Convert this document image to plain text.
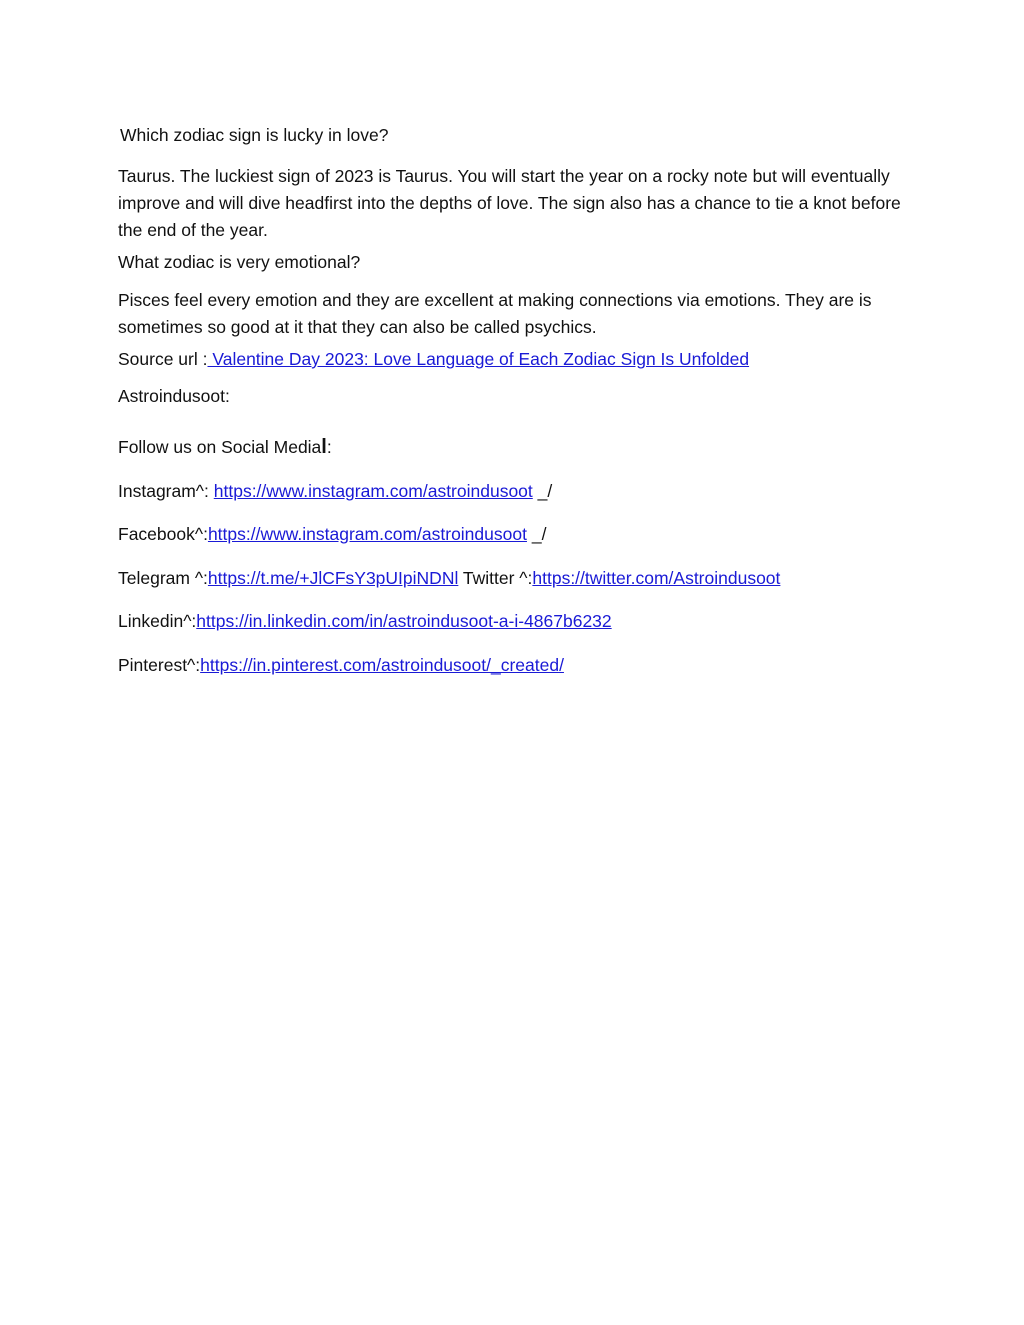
Which zodiac sign is lucky in love?
Taurus. The luckiest sign of 2023 is Taurus. You will start the year on a rocky note but will eventually improve and will dive headfirst into the depths of love. The sign also has a chance to tie a knot before the end of the year.
What zodiac is very emotional?
Pisces feel every emotion and they are excellent at making connections via emotions. They are is sometimes so good at it that they can also be called psychics.
Source url : Valentine Day 2023: Love Language of Each Zodiac Sign Is Unfolded
Astroindusoot:
Follow us on Social Medial:
Instagram^: https://www.instagram.com/astroindusoot _/
Facebook^:https://www.instagram.com/astroindusoot _/
Telegram ^:https://t.me/+JlCFsY3pUIpiNDNl Twitter ^:https://twitter.com/Astroindusoot
Linkedin^:https://in.linkedin.com/in/astroindusoot-a-i-4867b6232
Pinterest^:https://in.pinterest.com/astroindusoot/_created/
